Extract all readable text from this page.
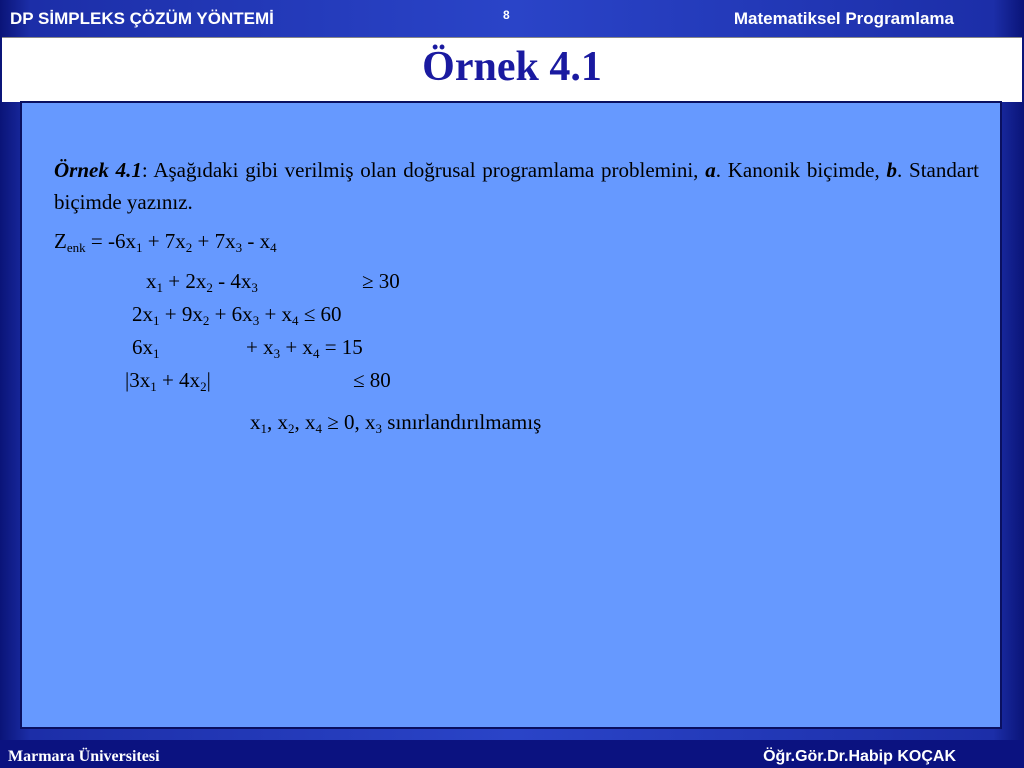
DP SİMPLEKS ÇÖZÜM YÖNTEMİ	8	Matematiksel Programlama
Örnek 4.1
Örnek 4.1: Aşağıdaki gibi verilmiş olan doğrusal programlama problemini, a. Kanonik biçimde, b. Standart biçimde yazınız.
$Z_{enk} = -6x_1 + 7x_2 + 7x_3 - x_4$
$x_1 + 2x_2 - 4x_3$	≥ 30
$2x_1 + 9x_2 + 6x_3 + x_4 \le 60$
$6x_1$	+ $x_3 + x_4 = 15$
$|3x_1 + 4x_2|$	≤ 80
$x_1$, $x_2$, $x_4 \ge 0$, $x_3$ sınırlandırılmamış
Marmara Üniversitesi	Öğr.Gör.Dr.Habip KOÇAK
